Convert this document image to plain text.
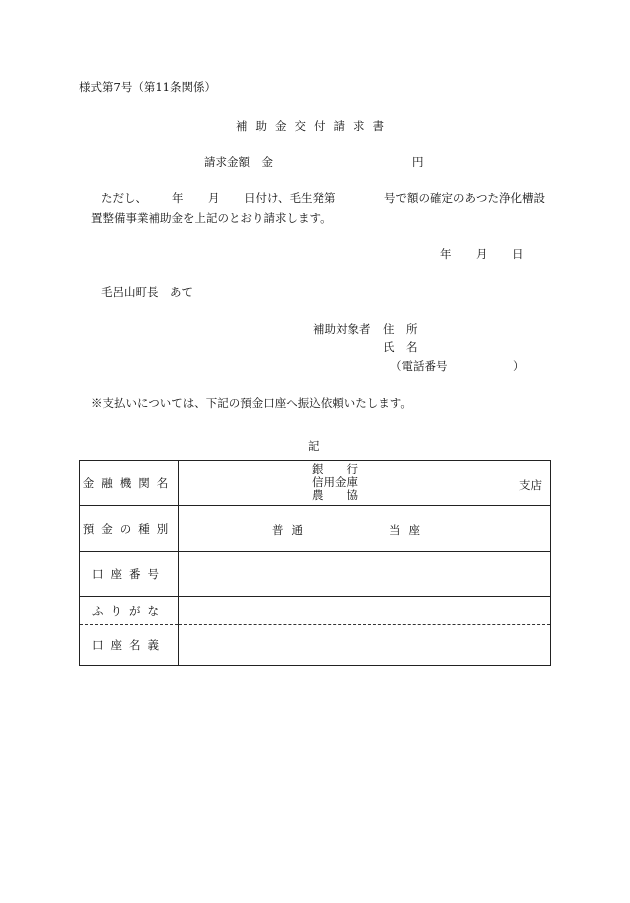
様式第7号（第11条関係）
補助金交付請求書
請求金額　金	円
ただし、 年 月 日付け、毛生発第	号で額の確定のあつた浄化槽設
置整備事業補助金を上記のとおり請求します。
年 月 日
毛呂山町長　あて
補助対象者 住　所
氏　名
（電話番号	）
※支払いについては、下記の預金口座へ振込依頼いたします。
記
金融機関名	銀　　行
信用金庫
農　　協
支店

預金の種別	普通 当座

口座番号	
ふりがな	
口座名義	
